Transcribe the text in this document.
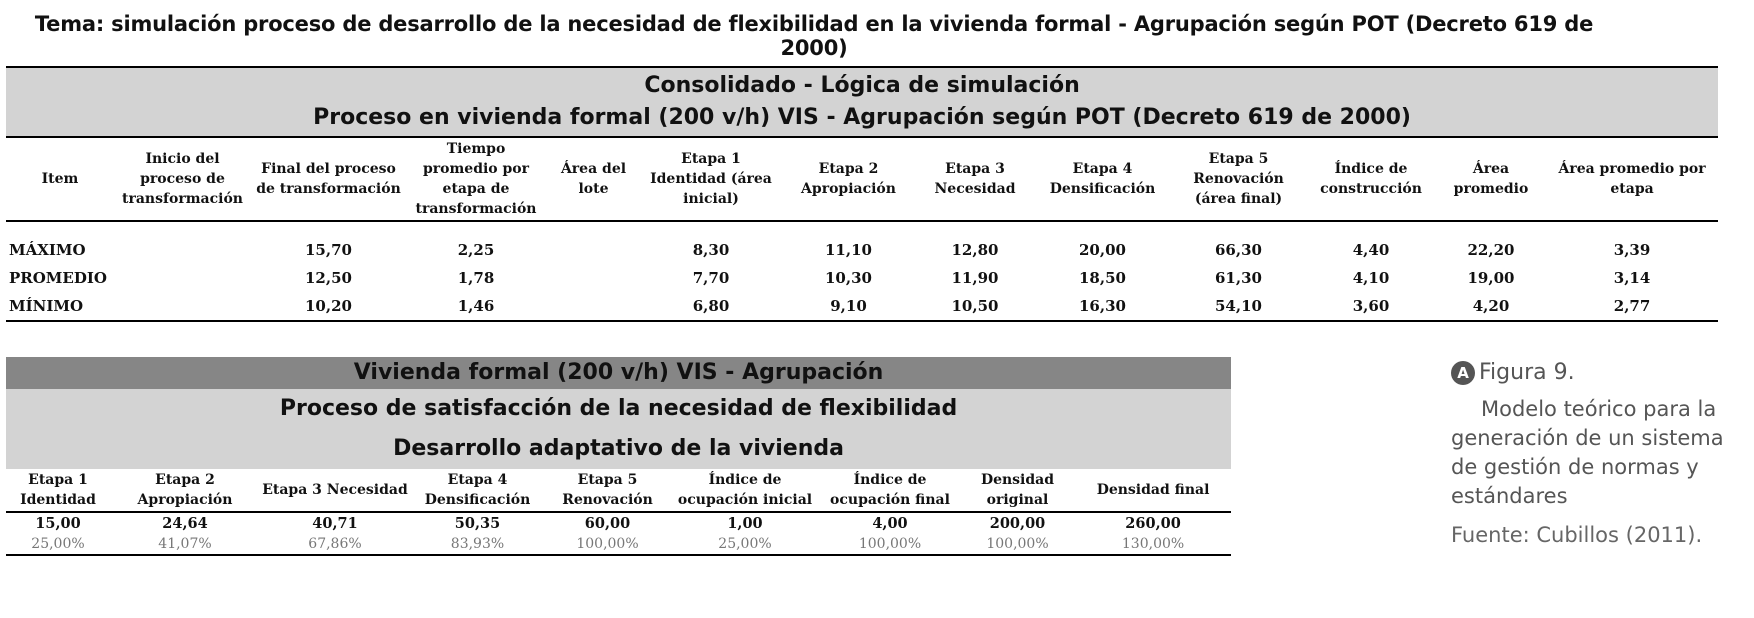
Tema: simulación proceso de desarrollo de la necesidad de flexibilidad en la vivienda formal - Agrupación según POT (Decreto 619 de 2000)
Consolidado - Lógica de simulación												
Proceso en vivienda formal (200 v/h) VIS - Agrupación según POT (Decreto 619 de 2000)												
Item	Inicio del proceso de transformación	Final del proceso de transformación	Tiempo promedio por etapa de transformación	Área del lote	Etapa 1 Identidad (área inicial)	Etapa 2 Apropiación	Etapa 3 Necesidad	Etapa 4 Densificación	Etapa 5 Renovación (área final)	Índice de construcción	Área promedio	Área promedio por etapa

MÁXIMO		15,70	2,25		8,30	11,10	12,80	20,00	66,30	4,40	22,20	3,39
PROMEDIO		12,50	1,78		7,70	10,30	11,90	18,50	61,30	4,10	19,00	3,14
MÍNIMO		10,20	1,46		6,80	9,10	10,50	16,30	54,10	3,60	4,20	2,77
Vivienda formal (200 v/h) VIS - Agrupación								
Proceso de satisfacción de la necesidad de flexibilidad								
Desarrollo adaptativo de la vivienda								
Etapa 1 Identidad	Etapa 2 Apropiación	Etapa 3 Necesidad	Etapa 4 Densificación	Etapa 5 Renovación	Índice de ocupación inicial	Índice de ocupación final	Densidad original	Densidad final
15,00	24,64	40,71	50,35	60,00	1,00	4,00	200,00	260,00
25,00%	41,07%	67,86%	83,93%	100,00%	25,00%	100,00%	100,00%	130,00%
A Figura 9.
Modelo teórico para la generación de un sistema de gestión de normas y estándares
Fuente: Cubillos (2011).
